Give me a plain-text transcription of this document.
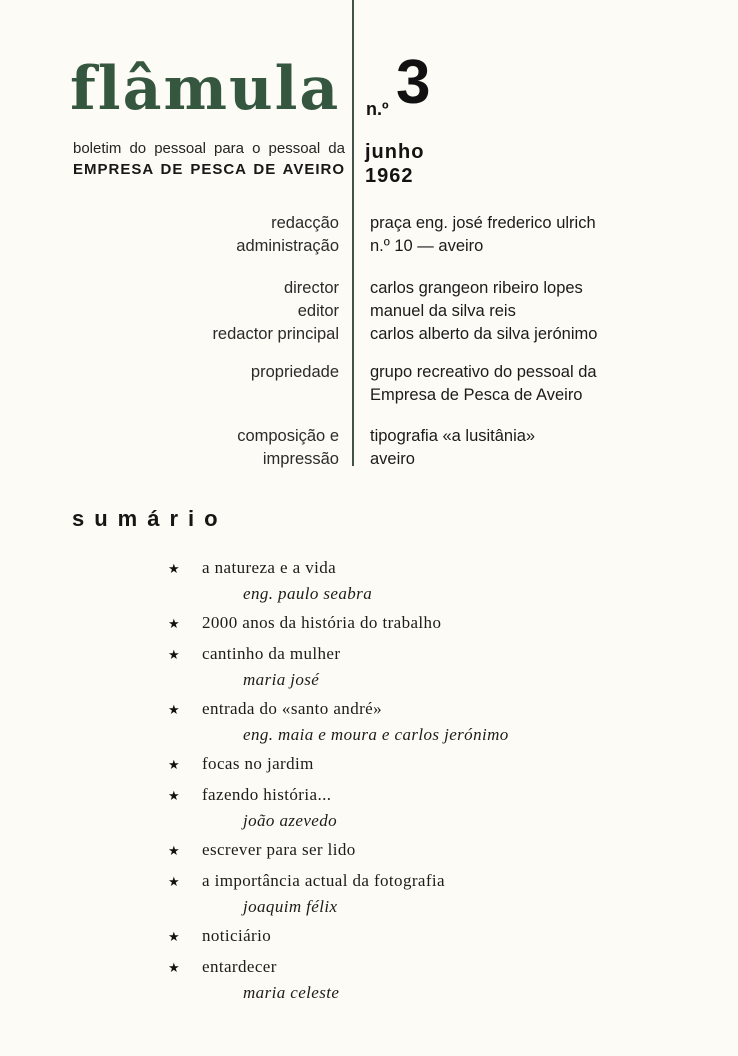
flâmula
boletim do pessoal para o pessoal da
EMPRESA DE PESCA DE AVEIRO
n.º 3
junho
1962
redacção
administração
praça eng. josé frederico ulrich
n.º 10 — aveiro
director
editor
redactor principal
carlos grangeon ribeiro lopes
manuel da silva reis
carlos alberto da silva jerónimo
propriedade grupo recreativo do pessoal da
Empresa de Pesca de Aveiro
composição e
impressão
tipografia «a lusitânia»
aveiro
sumário
★ a natureza e a vida
eng. paulo seabra
★ 2000 anos da história do trabalho
★ cantinho da mulher
maria josé
★ entrada do «santo andré»
eng. maia e moura e carlos jerónimo
★ focas no jardim
★ fazendo história...
joão azevedo
★ escrever para ser lido
★ a importância actual da fotografia
joaquim félix
★ noticiário
★ entardecer
maria celeste
